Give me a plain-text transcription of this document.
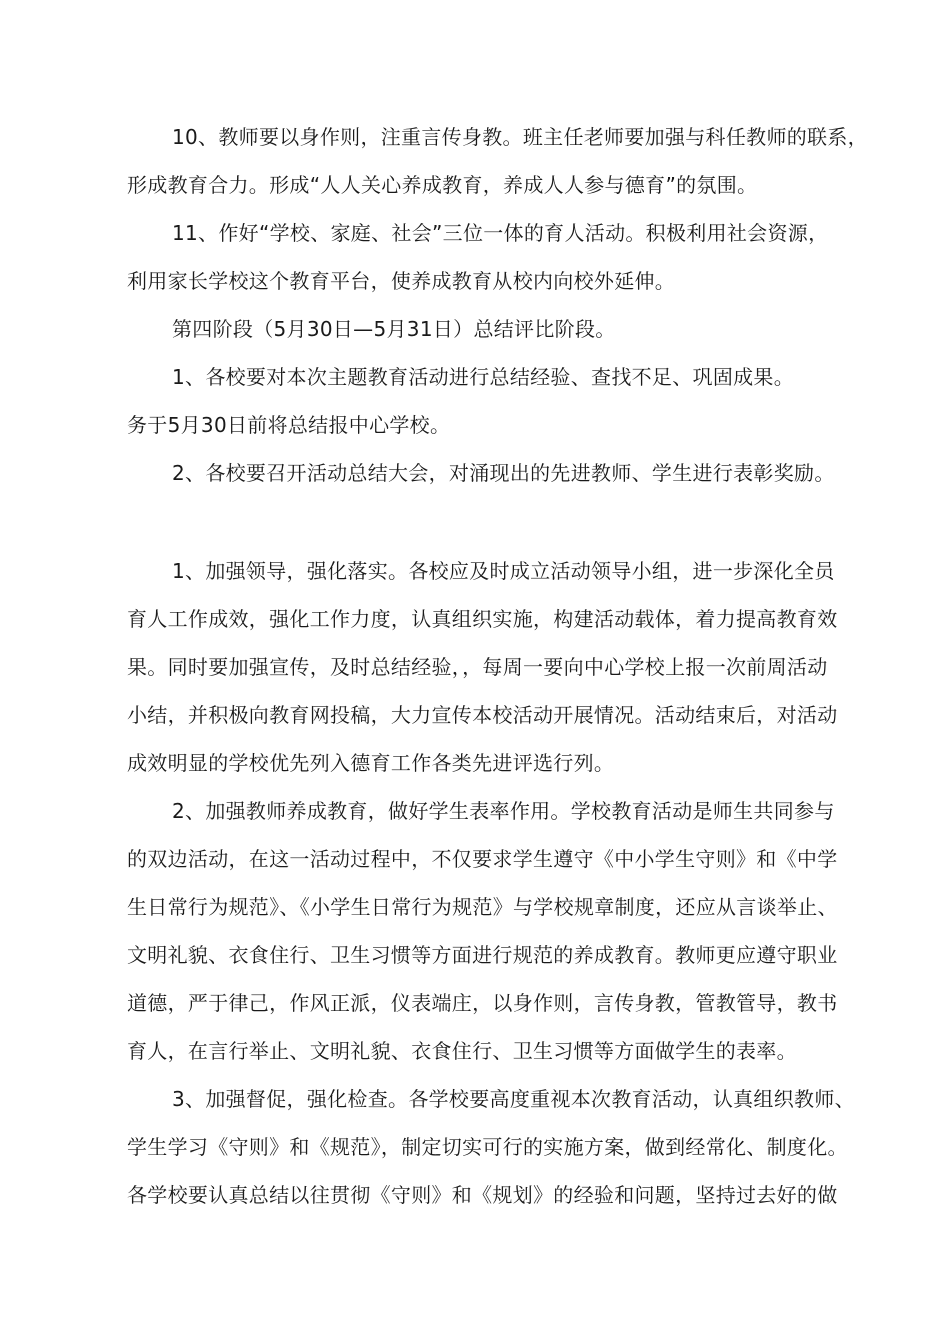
10、教师要以身作则，注重言传身教。班主任老师要加强与科任教师的联系，
形成教育合力。形成“人人关心养成教育，养成人人参与德育”的氛围。
11、作好“学校、家庭、社会”三位一体的育人活动。积极利用社会资源，
利用家长学校这个教育平台，使养成教育从校内向校外延伸。
第四阶段（5月30日—5月31日）总结评比阶段。
1、各校要对本次主题教育活动进行总结经验、查找不足、巩固成果。
务于5月30日前将总结报中心学校。
2、各校要召开活动总结大会，对涌现出的先进教师、学生进行表彰奖励。
1、加强领导，强化落实。各校应及时成立活动领导小组，进一步深化全员
育人工作成效，强化工作力度，认真组织实施，构建活动载体，着力提高教育效
果。同时要加强宣传，及时总结经验，，每周一要向中心学校上报一次前周活动
小结，并积极向教育网投稿，大力宣传本校活动开展情况。活动结束后，对活动
成效明显的学校优先列入德育工作各类先进评选行列。
2、加强教师养成教育，做好学生表率作用。学校教育活动是师生共同参与
的双边活动，在这一活动过程中，不仅要求学生遵守《中小学生守则》和《中学
生日常行为规范》、《小学生日常行为规范》与学校规章制度，还应从言谈举止、
文明礼貌、衣食住行、卫生习惯等方面进行规范的养成教育。教师更应遵守职业
道德，严于律己，作风正派，仪表端庄，以身作则，言传身教，管教管导，教书
育人，在言行举止、文明礼貌、衣食住行、卫生习惯等方面做学生的表率。
3、加强督促，强化检查。各学校要高度重视本次教育活动，认真组织教师、
学生学习《守则》和《规范》，制定切实可行的实施方案，做到经常化、制度化。
各学校要认真总结以往贯彻《守则》和《规划》的经验和问题，坚持过去好的做
